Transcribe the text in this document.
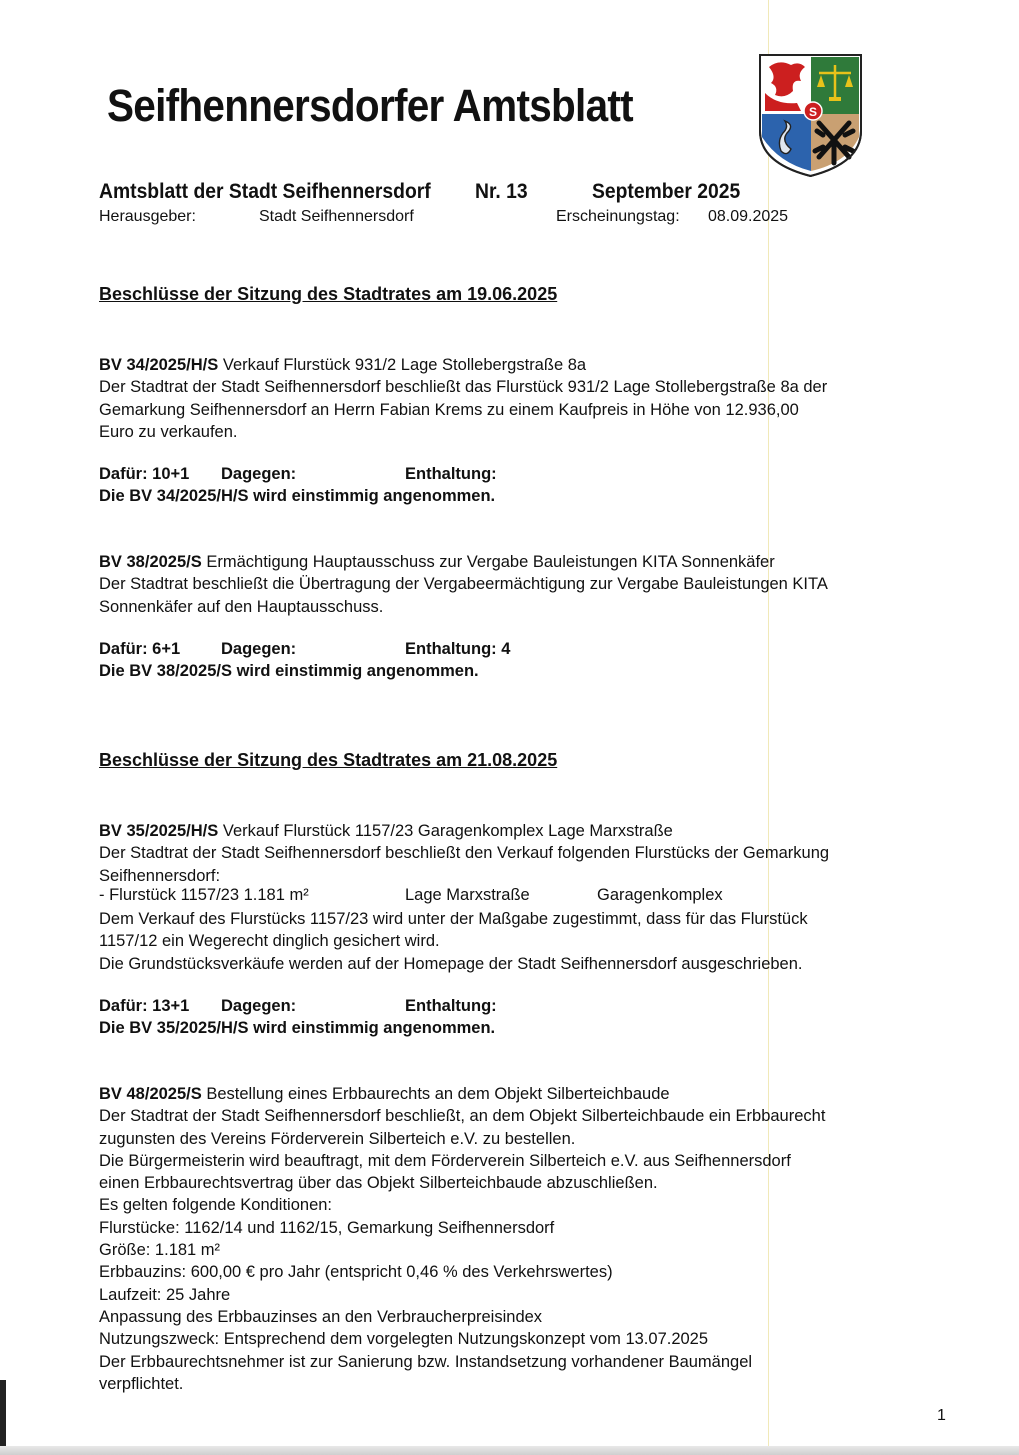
Seifhennersdorfer Amtsblatt	S
Amtsblatt der Stadt Seifhennersdorf Nr. 13	September 2025
Herausgeber:	Stadt Seifhennersdorf	Erscheinungstag: 08.09.2025
Beschlüsse der Sitzung des Stadtrates am 19.06.2025

BV 34/2025/H/S Verkauf Flurstück 931/2 Lage Stollebergstraße 8a
Der Stadtrat der Stadt Seifhennersdorf beschließt das Flurstück 931/2 Lage Stollebergstraße 8a der
Gemarkung Seifhennersdorf an Herrn Fabian Krems zu einem Kaufpreis in Höhe von 12.936,00
Euro zu verkaufen.

Dafür: 10+1 Dagegen:	Enthaltung:
Die BV 34/2025/H/S wird einstimmig angenommen.

BV 38/2025/S Ermächtigung Hauptausschuss zur Vergabe Bauleistungen KITA Sonnenkäfer
Der Stadtrat beschließt die Übertragung der Vergabeermächtigung zur Vergabe Bauleistungen KITA
Sonnenkäfer auf den Hauptausschuss.

Dafür: 6+1 Dagegen:	Enthaltung: 4
Die BV 38/2025/S wird einstimmig angenommen.
Beschlüsse der Sitzung des Stadtrates am 21.08.2025

BV 35/2025/H/S Verkauf Flurstück 1157/23 Garagenkomplex Lage Marxstraße
Der Stadtrat der Stadt Seifhennersdorf beschließt den Verkauf folgenden Flurstücks der Gemarkung
Seifhennersdorf:

- Flurstück 1157/23 1.181 m²	Lage Marxstraße	Garagenkomplex

Dem Verkauf des Flurstücks 1157/23 wird unter der Maßgabe zugestimmt, dass für das Flurstück
1157/12 ein Wegerecht dinglich gesichert wird.
Die Grundstücksverkäufe werden auf der Homepage der Stadt Seifhennersdorf ausgeschrieben.

Dafür: 13+1 Dagegen:	Enthaltung:
Die BV 35/2025/H/S wird einstimmig angenommen.

BV 48/2025/S Bestellung eines Erbbaurechts an dem Objekt Silberteichbaude
Der Stadtrat der Stadt Seifhennersdorf beschließt, an dem Objekt Silberteichbaude ein Erbbaurecht
zugunsten des Vereins Förderverein Silberteich e.V. zu bestellen.
Die Bürgermeisterin wird beauftragt, mit dem Förderverein Silberteich e.V. aus Seifhennersdorf
einen Erbbaurechtsvertrag über das Objekt Silberteichbaude abzuschließen.
Es gelten folgende Konditionen:
Flurstücke: 1162/14 und 1162/15, Gemarkung Seifhennersdorf
Größe: 1.181 m²
Erbbauzins: 600,00 € pro Jahr (entspricht 0,46 % des Verkehrswertes)
Laufzeit: 25 Jahre
Anpassung des Erbbauzinses an den Verbraucherpreisindex
Nutzungszweck: Entsprechend dem vorgelegten Nutzungskonzept vom 13.07.2025
Der Erbbaurechtsnehmer ist zur Sanierung bzw. Instandsetzung vorhandener Baumängel
verpflichtet.

1
